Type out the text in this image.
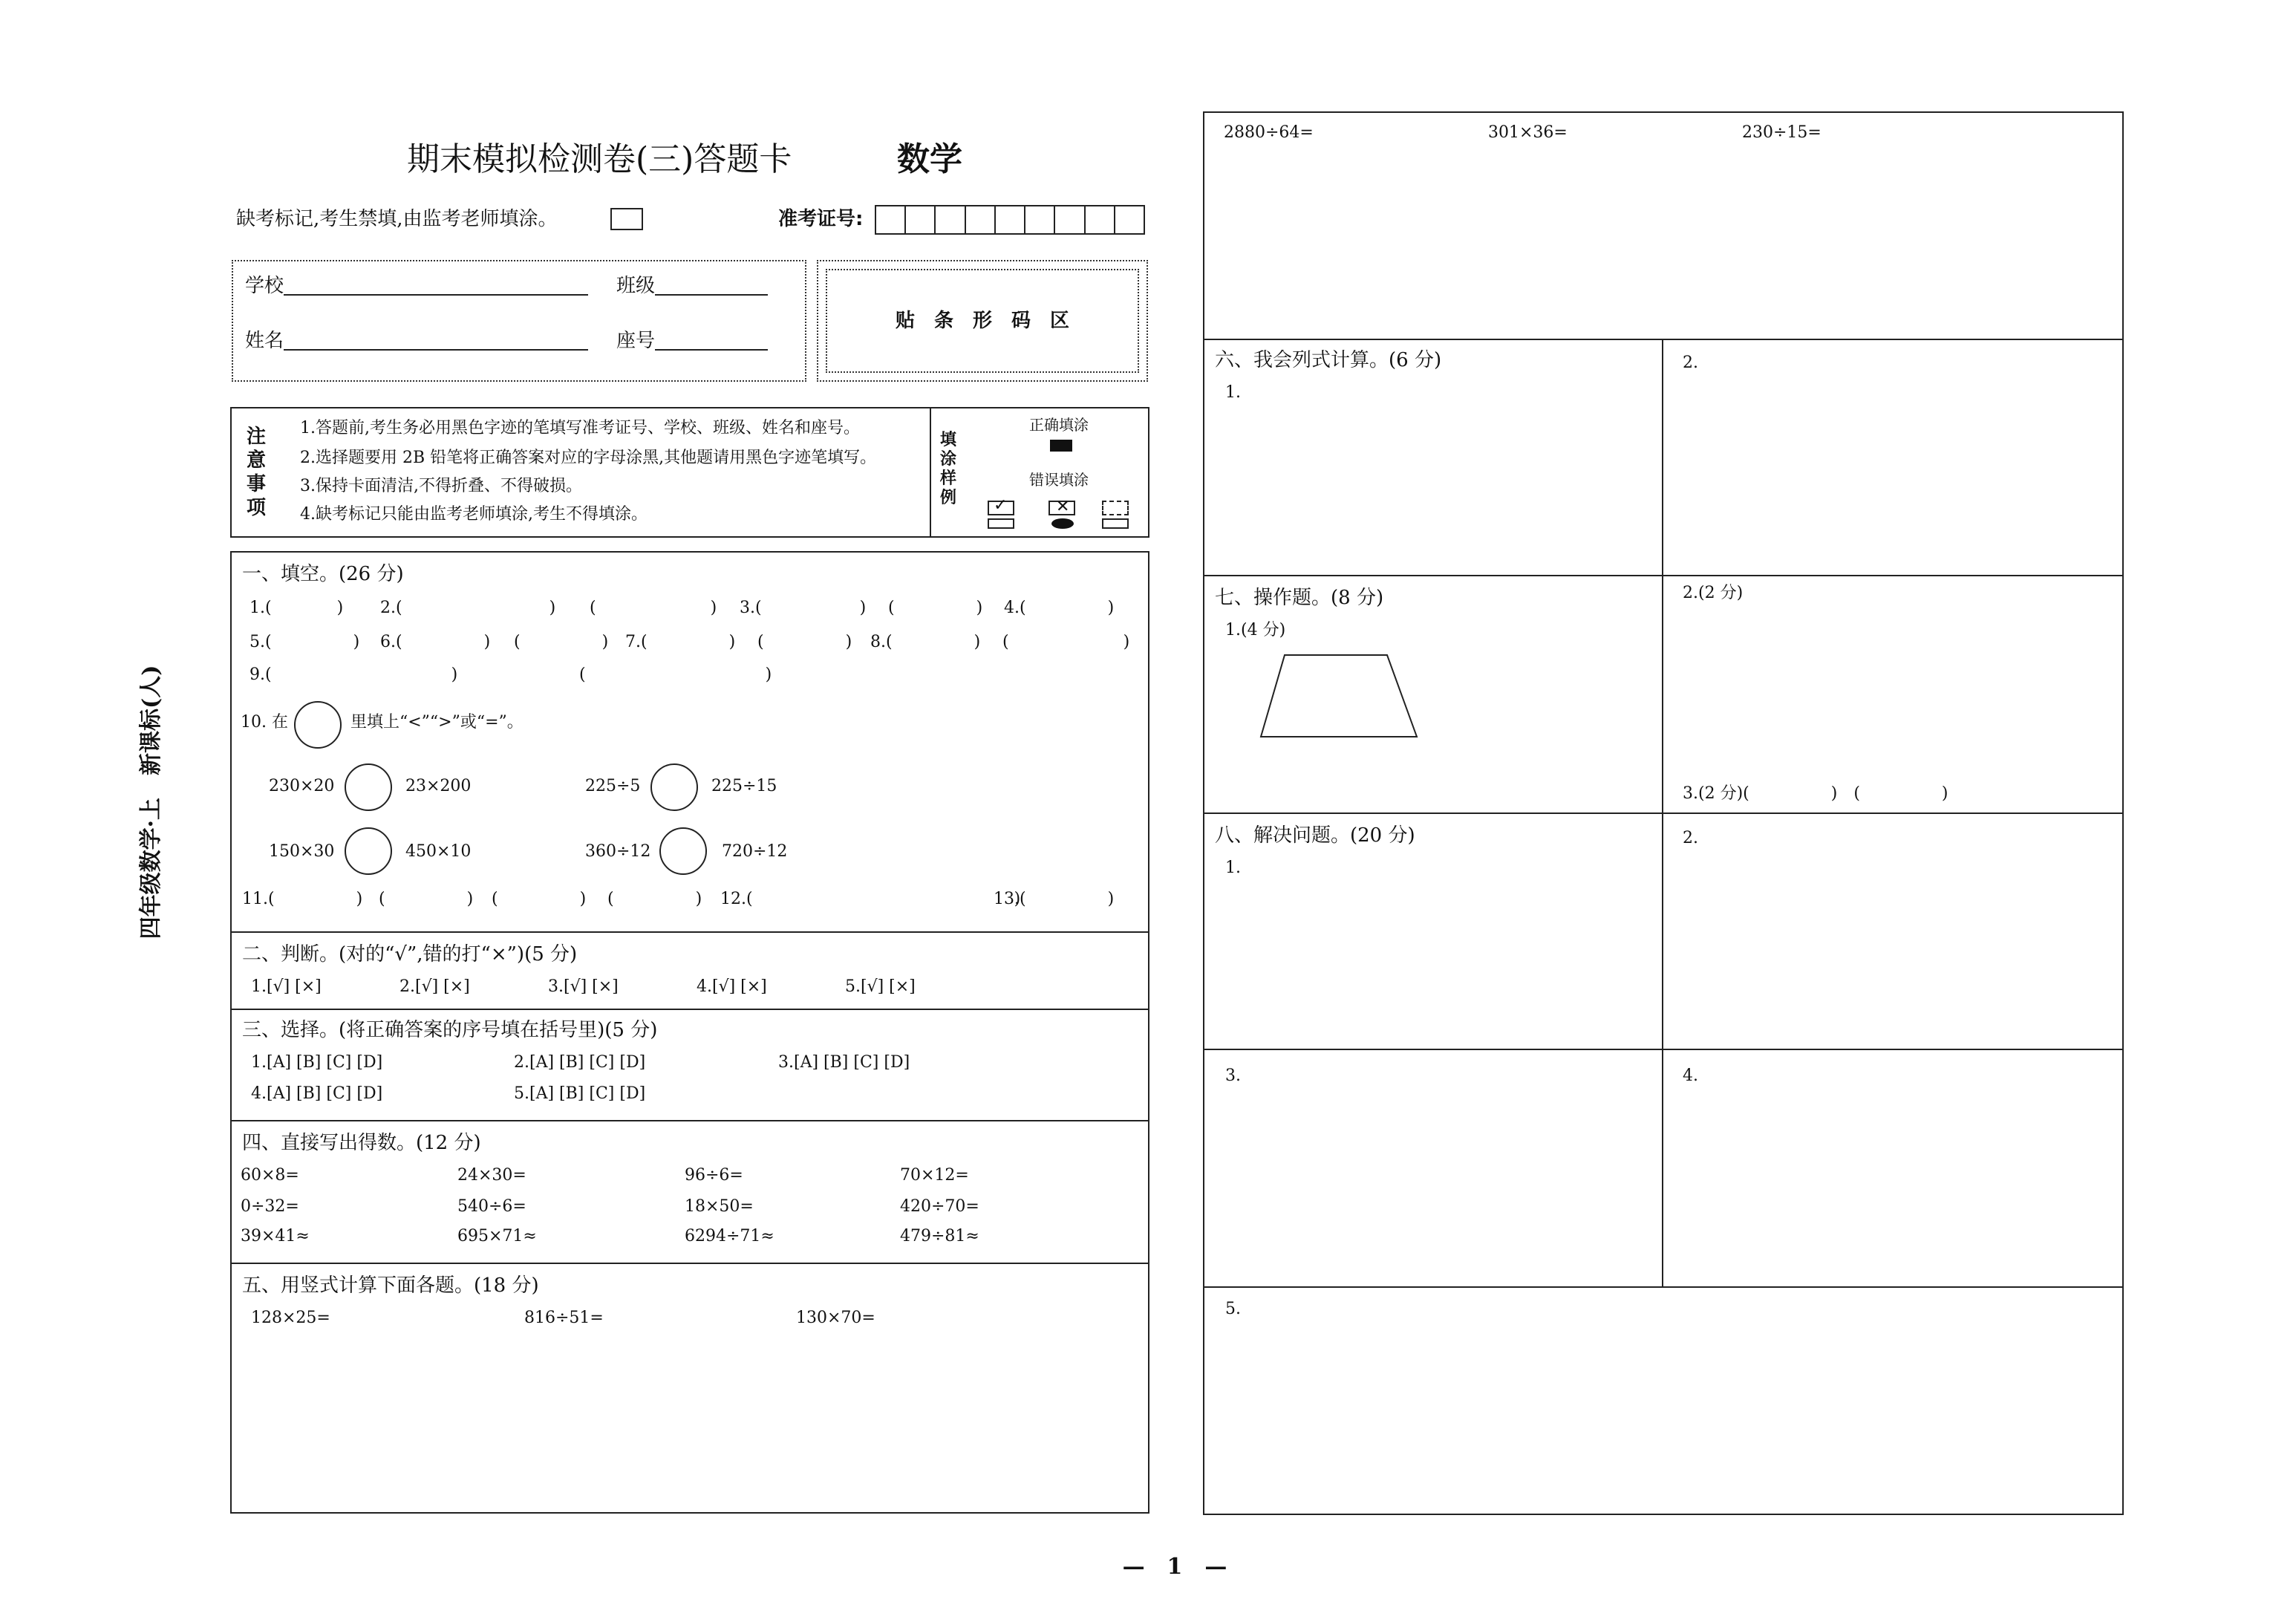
四年级数学·上　新课标(人)
期末模拟检测卷(三)答题卡	数学
缺考标记,考生禁填,由监考老师填涂。	准考证号:
学校	班级
姓名	座号
贴　条　形　码　区
注意事项
1.答题前,考生务必用黑色字迹的笔填写准考证号、学校、班级、姓名和座号。
2.选择题要用 2B 铅笔将正确答案对应的字母涂黑,其他题请用黑色字迹笔填写。
3.保持卡面清洁,不得折叠、不得破损。
4.缺考标记只能由监考老师填涂,考生不得填涂。
填涂样例
正确填涂
错误填涂
✓	✕
一、填空。(26 分)
1.(　　　　) 2.(　　　　　　　　　) (　　　　　　　) 3.(　　　　　　) (　　　　　) 4.(　　　　　)
5.(　　　　　) 6.(　　　　　) (　　　　　) 7.(　　　　　) (　　　　　) 8.(　　　　　) (　　　　　　　)
9.(　　　　　　　　　　　)	(　　　　　　　　　　　)
10. 在	里填上“<”“>”或“=”。
230×20	23×200	225÷5	225÷15
150×30	450×10	360÷12	720÷12
11.(　　　　　) (　　　　　) (　　　　　) (　　　　　) 12.(　　　　　　　　　　　　　　　　)
13.(　　　　　)
二、判断。(对的“√”,错的打“×”)(5 分)
1.[√] [×]	2.[√] [×]	3.[√] [×]	4.[√] [×]	5.[√] [×]
三、选择。(将正确答案的序号填在括号里)(5 分)
1.[A] [B] [C] [D]	2.[A] [B] [C] [D]	3.[A] [B] [C] [D]
4.[A] [B] [C] [D]	5.[A] [B] [C] [D]
四、直接写出得数。(12 分)
60×8=	24×30=	96÷6=	70×12=
0÷32=	540÷6=	18×50=	420÷70=
39×41≈	695×71≈	6294÷71≈	479÷81≈
五、用竖式计算下面各题。(18 分)
128×25=	816÷51=	130×70=
2880÷64=	301×36=	230÷15=
六、我会列式计算。(6 分)
1.
2.
七、操作题。(8 分)
1.(4 分)
2.(2 分)
3.(2 分)(　　　　　)　(　　　　　)
八、解决问题。(20 分)
1.
2.
3.	4.
5.
—　1　—
